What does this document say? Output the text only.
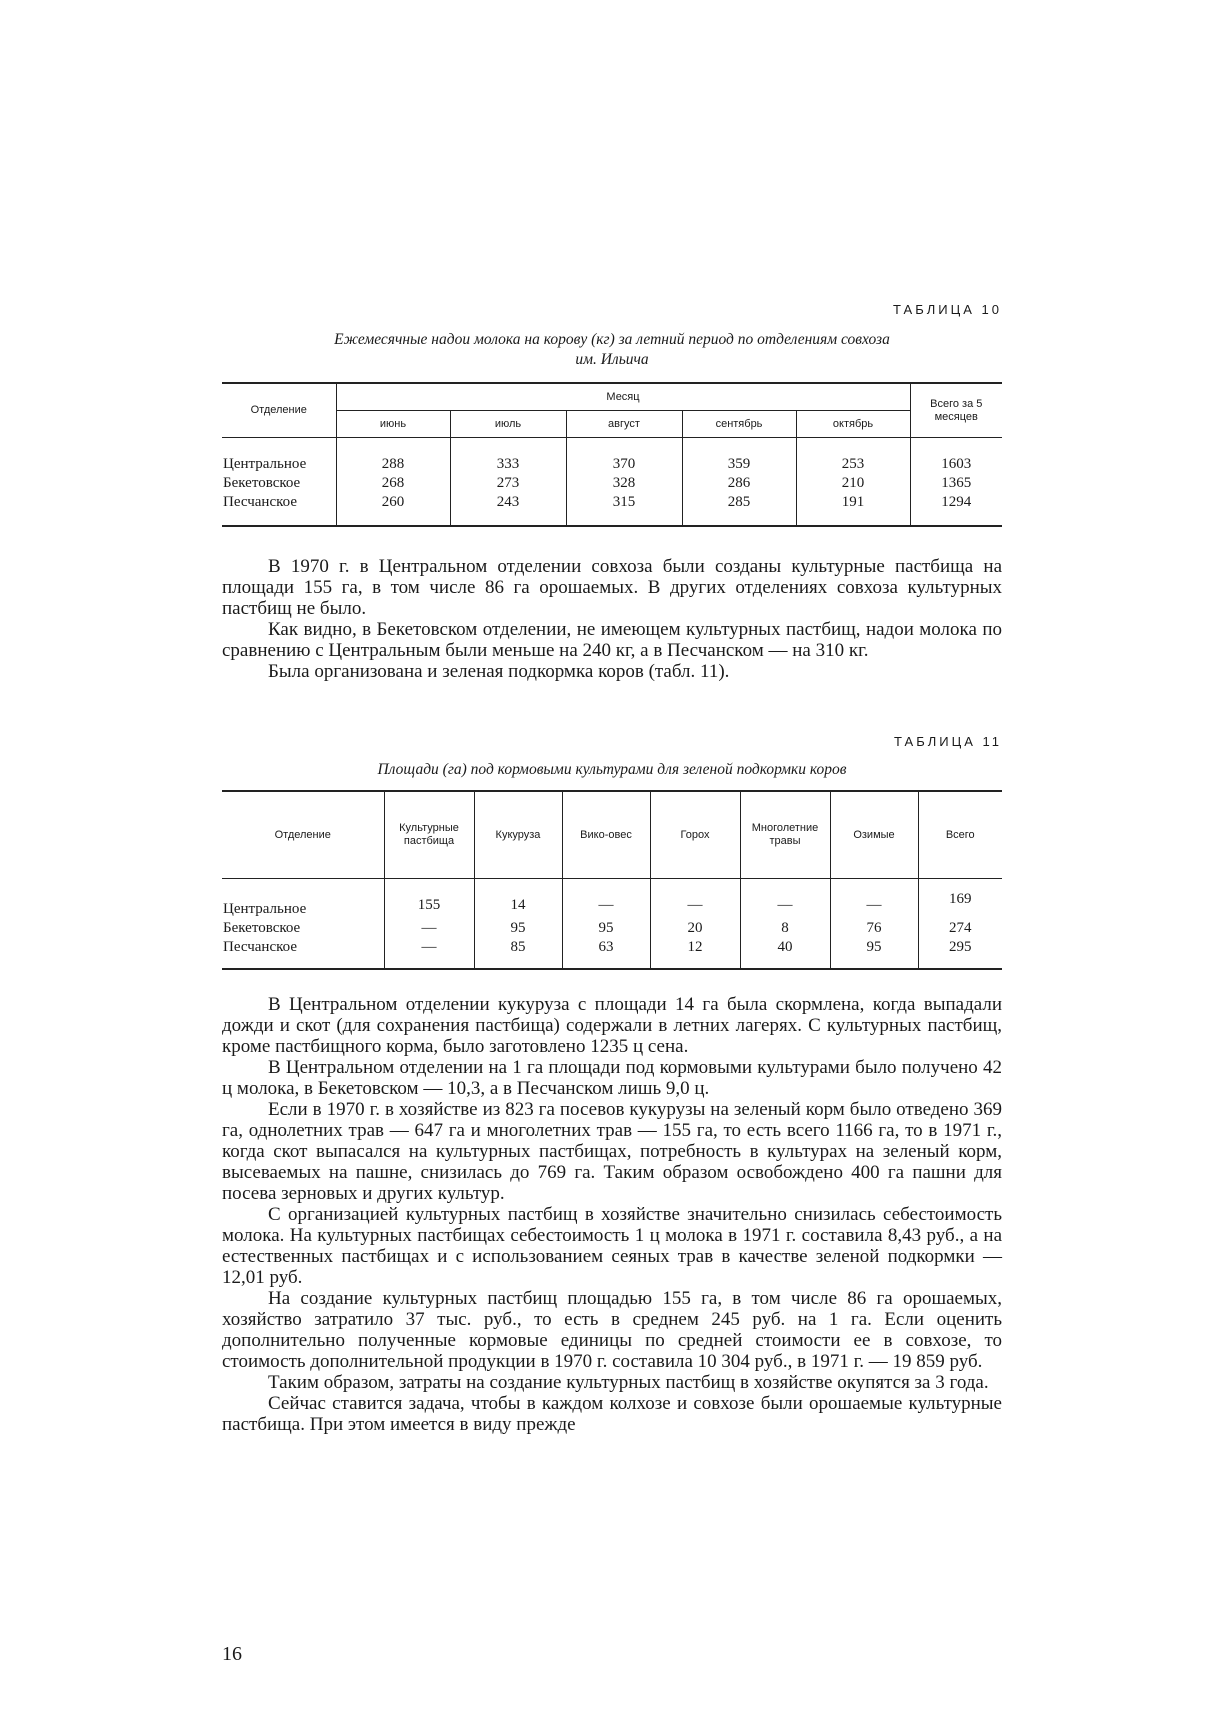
ТАБЛИЦА 10
Ежемесячные надои молока на корову (кг) за летний период по отделениям совхоза
им. Ильича
Отделение	Месяц					Всего за 5 месяцев
	июнь	июль	август	сентябрь	октябрь	
Центральное	288	333	370	359	253	1603
Бекетовское	268	273	328	286	210	1365
Песчанское	260	243	315	285	191	1294

В 1970 г. в Центральном отделении совхоза были созданы культурные пастбища на площади 155 га, в том числе 86 га орошаемых. В других отделениях совхоза культурных пастбищ не было.

Как видно, в Бекетовском отделении, не имеющем культурных пастбищ, надои молока по сравнению с Центральным были меньше на 240 кг, а в Песчанском — на 310 кг.

Была организована и зеленая подкормка коров (табл. 11).

ТАБЛИЦА 11
Площади (га) под кормовыми культурами для зеленой подкормки коров
Отделение	Культурные пастбища	Кукуруза	Вико-овес	Горох	Многолетние травы	Озимые	Всего
Центральное	155	14	—	—	—	—	169
Бекетовское	—	95	95	20	8	76	274
Песчанское	—	85	63	12	40	95	295

В Центральном отделении кукуруза с площади 14 га была скормлена, когда выпадали дожди и скот (для сохранения пастбища) содержали в летних лагерях. С культурных пастбищ, кроме пастбищного корма, было заготовлено 1235 ц сена.

В Центральном отделении на 1 га площади под кормовыми культурами было получено 42 ц молока, в Бекетовском — 10,3, а в Песчанском лишь 9,0 ц.

Если в 1970 г. в хозяйстве из 823 га посевов кукурузы на зеленый корм было отведено 369 га, однолетних трав — 647 га и многолетних трав — 155 га, то есть всего 1166 га, то в 1971 г., когда скот выпасался на культурных пастбищах, потребность в культурах на зеленый корм, высеваемых на пашне, снизилась до 769 га. Таким образом освобождено 400 га пашни для посева зерновых и других культур.

С организацией культурных пастбищ в хозяйстве значительно снизилась себестоимость молока. На культурных пастбищах себестоимость 1 ц молока в 1971 г. составила 8,43 руб., а на естественных пастбищах и с использованием сеяных трав в качестве зеленой подкормки — 12,01 руб.

На создание культурных пастбищ площадью 155 га, в том числе 86 га орошаемых, хозяйство затратило 37 тыс. руб., то есть в среднем 245 руб. на 1 га. Если оценить дополнительно полученные кормовые единицы по средней стоимости ее в совхозе, то стоимость дополнительной продукции в 1970 г. составила 10 304 руб., в 1971 г. — 19 859 руб.

Таким образом, затраты на создание культурных пастбищ в хозяйстве окупятся за 3 года.

Сейчас ставится задача, чтобы в каждом колхозе и совхозе были орошаемые культурные пастбища. При этом имеется в виду прежде

16
